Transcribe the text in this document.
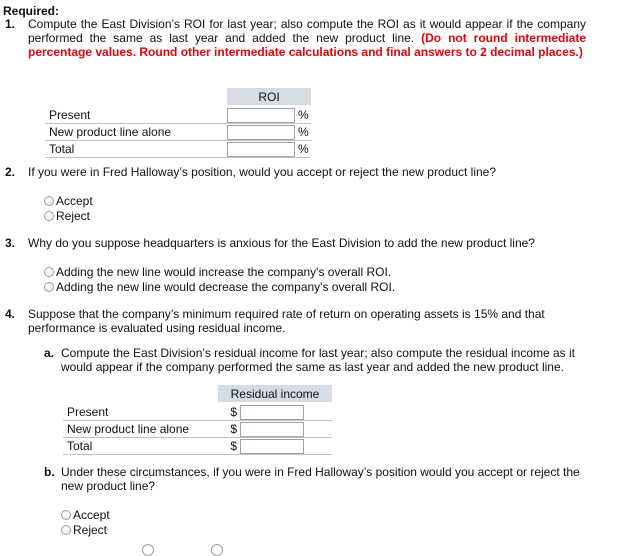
Required:
1. Compute the East Division’s ROI for last year; also compute the ROI as it would appear if the company performed the same as last year and added the new product line. (Do not round intermediate percentage values. Round other intermediate calculations and final answers to 2 decimal places.)
	ROI	
Present		%
New product line alone		%
Total		%
2. If you were in Fred Halloway’s position, would you accept or reject the new product line?
Accept
Reject
3. Why do you suppose headquarters is anxious for the East Division to add the new product line?
Adding the new line would increase the company's overall ROI.
Adding the new line would decrease the company's overall ROI.
4. Suppose that the company’s minimum required rate of return on operating assets is 15% and that performance is evaluated using residual income.
a. Compute the East Division’s residual income for last year; also compute the residual income as it would appear if the company performed the same as last year and added the new product line.
	Residual income		
Present	$	

New product line alone	$	

Total	$	

b. Under these circumstances, if you were in Fred Halloway’s position would you accept or reject the new product line?
Accept
Reject
